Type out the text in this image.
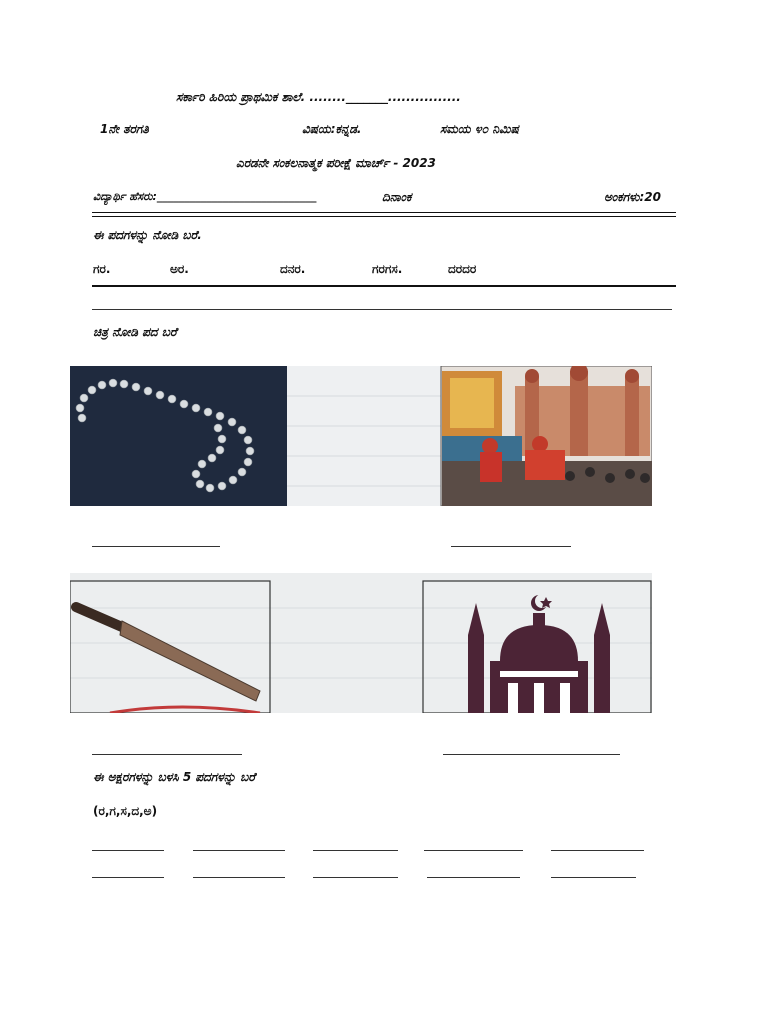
ಸರ್ಕಾರಿ ಹಿರಿಯ ಪ್ರಾಥಮಿಕ ಶಾಲೆ. ........_______................
1ನೇ ತರಗತಿ	ವಿಷಯ:ಕನ್ನಡ.	ಸಮಯ ೪೦ ನಿಮಿಷ
ಎರಡನೇ ಸಂಕಲನಾತ್ಮಕ ಪರೀಕ್ಷೆ ಮಾರ್ಚ್ - 2023
ವಿದ್ಯಾರ್ಥಿ ಹೆಸರು:_____________________________	ದಿನಾಂಕ	ಅಂಕಗಳು:20
ಈ ಪದಗಳನ್ನು ನೋಡಿ ಬರೆ.
ಗರ.	ಅರ.	ದನರ.	ಗರಗಸ.	ದರದರ
ಚಿತ್ರ ನೋಡಿ ಪದ ಬರೆ
ಈ ಅಕ್ಷರಗಳನ್ನು ಬಳಸಿ 5 ಪದಗಳನ್ನು ಬರೆ
(ರ,ಗ,ಸ,ದ,ಅ)
